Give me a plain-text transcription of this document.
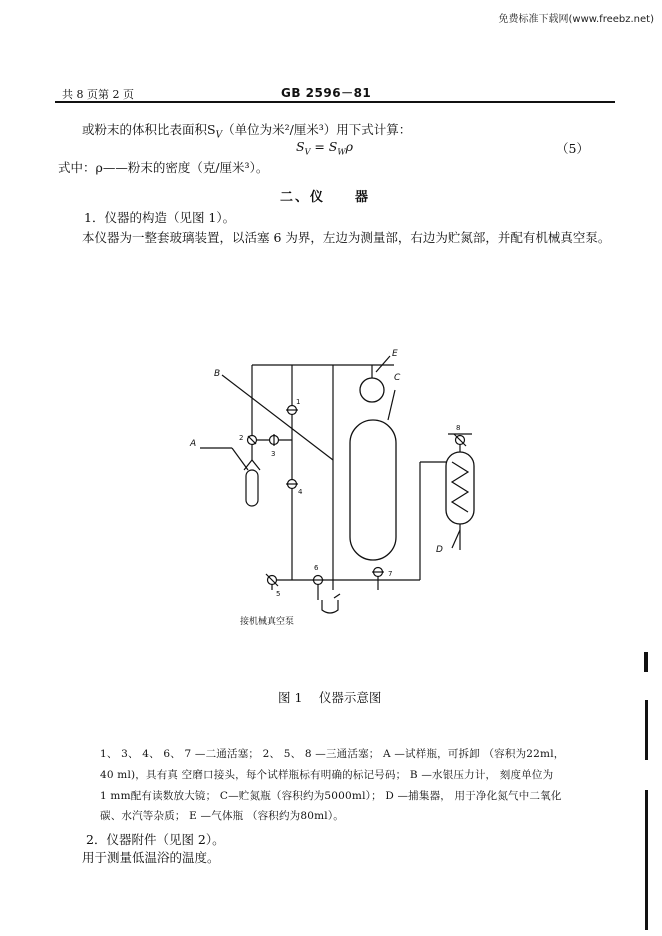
免费标准下载网(www.freebz.net)
共 8 页第 2 页	GB 2596－81
或粉末的体积比表面积$S_V$（单位为米²/厘米³）用下式计算：
$S_V = S_W\rho$	（5）
式中：ρ——粉末的密度（克/厘米³）。
二、仪　　器
1．仪器的构造（见图 1）。
本仪器为一整套玻璃装置，以活塞 6 为界，左边为测量部，右边为贮氮部，并配有机械真空泵。
A
B	C
D
E
1
2
3
4
5
6
7
8
接机械真空泵
图 1　 仪器示意图
1、 3、 4、 6、 7 —二通活塞； 2、 5、 8 —三通活塞； A —试样瓶，可拆卸 （容积为22ml，
40 ml)，具有真 空磨口接头，每个试样瓶标有明确的标记号码； B —水银压力计， 刻度单位为
1 mm配有读数放大镜； C—贮氮瓶（容积约为5000ml）； D —捕集器， 用于净化氮气中二氧化
碳、水汽等杂质； E —气体瓶 （容积约为80ml）。
2．仪器附件（见图 2）。
用于测量低温浴的温度。
